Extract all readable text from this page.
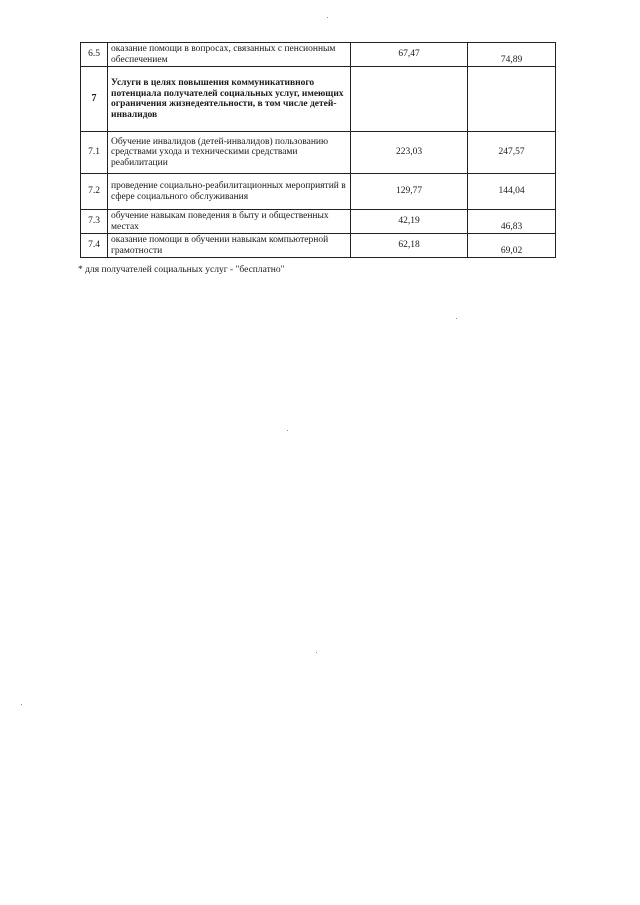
6.5	оказание помощи в вопросах, связанных с пенсионным обеспечением	67,47	74,89
7	Услуги в целях повышения коммуникативного потенциала получателей социальных услуг, имеющих ограничения жизнедеятельности, в том числе детей-инвалидов		
7.1	Обучение инвалидов (детей-инвалидов) пользованию средствами ухода и техническими средствами реабилитации	223,03	247,57
7.2	проведение социально-реабилитационных мероприятий в сфере социального обслуживания	129,77	144,04
7.3	обучение навыкам поведения в быту и общественных местах	42,19	46,83
7.4	оказание помощи в обучении навыкам компьютерной грамотности	62,18	69,02
* для получателей социальных услуг - "бесплатно"
